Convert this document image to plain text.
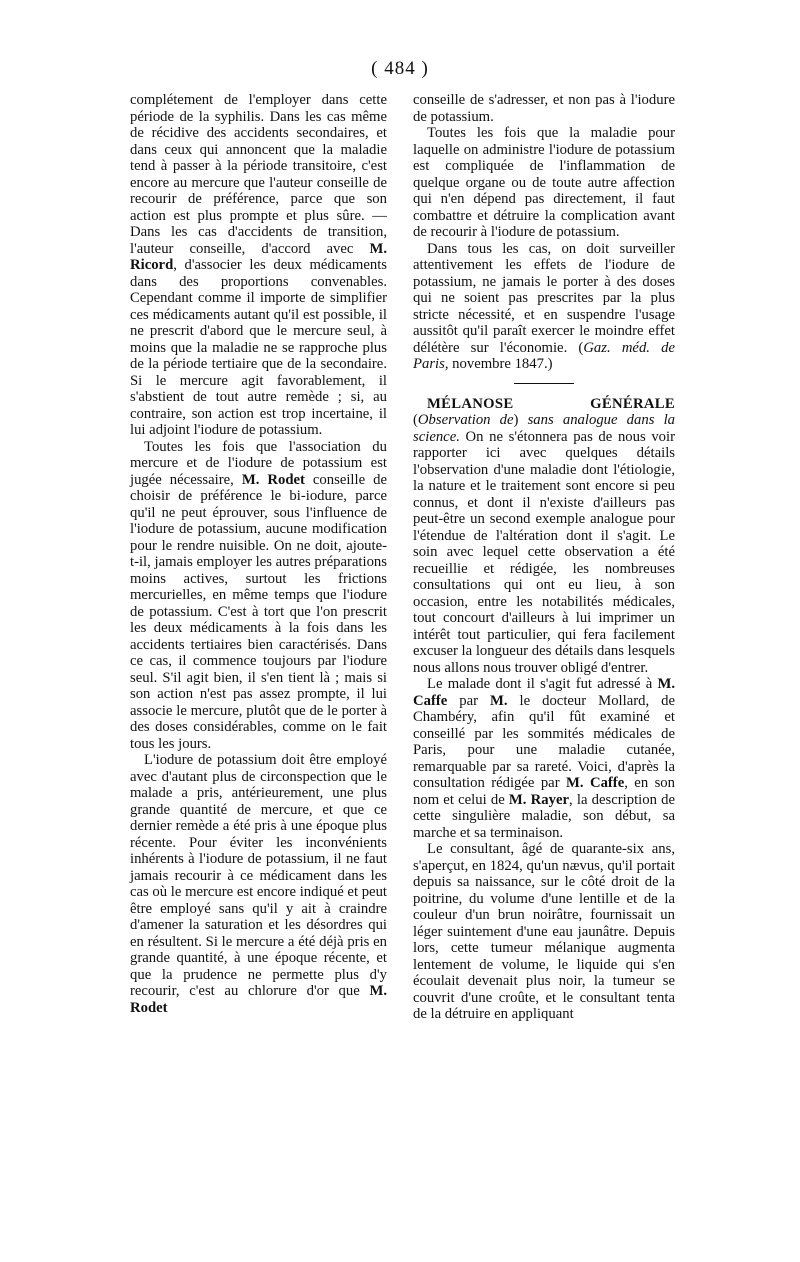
( 484 )

complétement de l'employer dans cette période de la syphilis. Dans les cas même de récidive des accidents secondaires, et dans ceux qui annoncent que la maladie tend à passer à la période transitoire, c'est encore au mercure que l'auteur conseille de recourir de préférence, parce que son action est plus prompte et plus sûre. — Dans les cas d'accidents de transition, l'auteur conseille, d'accord avec M. Ricord, d'associer les deux médicaments dans des proportions convenables. Cependant comme il importe de simplifier ces médicaments autant qu'il est possible, il ne prescrit d'abord que le mercure seul, à moins que la maladie ne se rapproche plus de la période tertiaire que de la secondaire. Si le mercure agit favorablement, il s'abstient de tout autre remède ; si, au contraire, son action est trop incertaine, il lui adjoint l'iodure de potassium.

Toutes les fois que l'association du mercure et de l'iodure de potassium est jugée nécessaire, M. Rodet conseille de choisir de préférence le bi-iodure, parce qu'il ne peut éprouver, sous l'influence de l'iodure de potassium, aucune modification pour le rendre nuisible. On ne doit, ajoute-t-il, jamais employer les autres préparations moins actives, surtout les frictions mercurielles, en même temps que l'iodure de potassium. C'est à tort que l'on prescrit les deux médicaments à la fois dans les accidents tertiaires bien caractérisés. Dans ce cas, il commence toujours par l'iodure seul. S'il agit bien, il s'en tient là ; mais si son action n'est pas assez prompte, il lui associe le mercure, plutôt que de le porter à des doses considérables, comme on le fait tous les jours.

L'iodure de potassium doit être employé avec d'autant plus de circonspection que le malade a pris, antérieurement, une plus grande quantité de mercure, et que ce dernier remède a été pris à une époque plus récente. Pour éviter les inconvénients inhérents à l'iodure de potassium, il ne faut jamais recourir à ce médicament dans les cas où le mercure est encore indiqué et peut être employé sans qu'il y ait à craindre d'amener la saturation et les désordres qui en résultent. Si le mercure a été déjà pris en grande quantité, à une époque récente, et que la prudence ne permette plus d'y recourir, c'est au chlorure d'or que M. Rodet

conseille de s'adresser, et non pas à l'iodure de potassium.

Toutes les fois que la maladie pour laquelle on administre l'iodure de potassium est compliquée de l'inflammation de quelque organe ou de toute autre affection qui n'en dépend pas directement, il faut combattre et détruire la complication avant de recourir à l'iodure de potassium.

Dans tous les cas, on doit surveiller attentivement les effets de l'iodure de potassium, ne jamais le porter à des doses qui ne soient pas prescrites par la plus stricte nécessité, et en suspendre l'usage aussitôt qu'il paraît exercer le moindre effet délétère sur l'économie. (Gaz. méd. de Paris, novembre 1847.)

MÉLANOSE GÉNÉRALE (Observation de) sans analogue dans la science. On ne s'étonnera pas de nous voir rapporter ici avec quelques détails l'observation d'une maladie dont l'étiologie, la nature et le traitement sont encore si peu connus, et dont il n'existe d'ailleurs pas peut-être un second exemple analogue pour l'étendue de l'altération dont il s'agit. Le soin avec lequel cette observation a été recueillie et rédigée, les nombreuses consultations qui ont eu lieu, à son occasion, entre les notabilités médicales, tout concourt d'ailleurs à lui imprimer un intérêt tout particulier, qui fera facilement excuser la longueur des détails dans lesquels nous allons nous trouver obligé d'entrer.

Le malade dont il s'agit fut adressé à M. Caffe par M. le docteur Mollard, de Chambéry, afin qu'il fût examiné et conseillé par les sommités médicales de Paris, pour une maladie cutanée, remarquable par sa rareté. Voici, d'après la consultation rédigée par M. Caffe, en son nom et celui de M. Rayer, la description de cette singulière maladie, son début, sa marche et sa terminaison.

Le consultant, âgé de quarante-six ans, s'aperçut, en 1824, qu'un nævus, qu'il portait depuis sa naissance, sur le côté droit de la poitrine, du volume d'une lentille et de la couleur d'un brun noirâtre, fournissait un léger suintement d'une eau jaunâtre. Depuis lors, cette tumeur mélanique augmenta lentement de volume, le liquide qui s'en écoulait devenait plus noir, la tumeur se couvrit d'une croûte, et le consultant tenta de la détruire en appliquant
